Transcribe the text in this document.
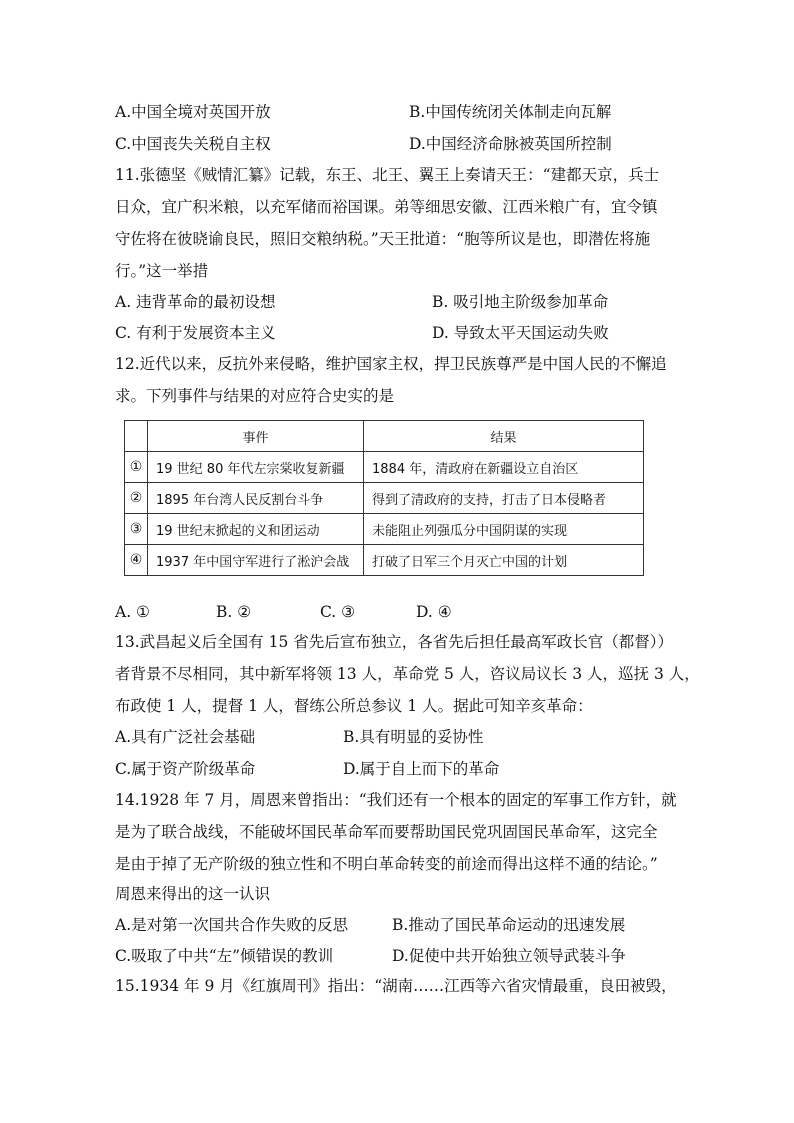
A.中国全境对英国开放	B.中国传统闭关体制走向瓦解
C.中国丧失关税自主权	D.中国经济命脉被英国所控制
11.张德坚《贼情汇纂》记载，东王、北王、翼王上奏请天王：“建都天京，兵士
日众，宜广积米粮，以充军储而裕国课。弟等细思安徽、江西米粮广有，宜令镇
守佐将在彼晓谕良民，照旧交粮纳税。”天王批道：“胞等所议是也，即潜佐将施
行。”这一举措
A. 违背革命的最初设想	B. 吸引地主阶级参加革命
C. 有利于发展资本主义	D. 导致太平天国运动失败
12.近代以来，反抗外来侵略，维护国家主权，捍卫民族尊严是中国人民的不懈追
求。下列事件与结果的对应符合史实的是
	事件	结果
①	19 世纪 80 年代左宗棠收复新疆	1884 年，清政府在新疆设立自治区
②	1895 年台湾人民反割台斗争	得到了清政府的支持，打击了日本侵略者
③	19 世纪末掀起的义和团运动	未能阻止列强瓜分中国阴谋的实现
④	1937 年中国守军进行了淞沪会战	打破了日军三个月灭亡中国的计划
A. ①	B. ②	C. ③	D. ④
13.武昌起义后全国有 15 省先后宣布独立，各省先后担任最高军政长官（都督））
者背景不尽相同，其中新军将领 13 人，革命党 5 人，咨议局议长 3 人，巡抚 3 人，
布政使 1 人，提督 1 人，督练公所总参议 1 人。据此可知辛亥革命：
A.具有广泛社会基础	B.具有明显的妥协性
C.属于资产阶级革命	D.属于自上而下的革命
14.1928 年 7 月，周恩来曾指出：“我们还有一个根本的固定的军事工作方针，就
是为了联合战线，不能破坏国民革命军而要帮助国民党巩固国民革命军，这完全
是由于掉了无产阶级的独立性和不明白革命转变的前途而得出这样不通的结论。”
周恩来得出的这一认识
A.是对第一次国共合作失败的反思	B.推动了国民革命运动的迅速发展
C.吸取了中共“左”倾错误的教训	D.促使中共开始独立领导武装斗争
15.1934 年 9 月《红旗周刊》指出：“湖南……江西等六省灾情最重，良田被毁，
